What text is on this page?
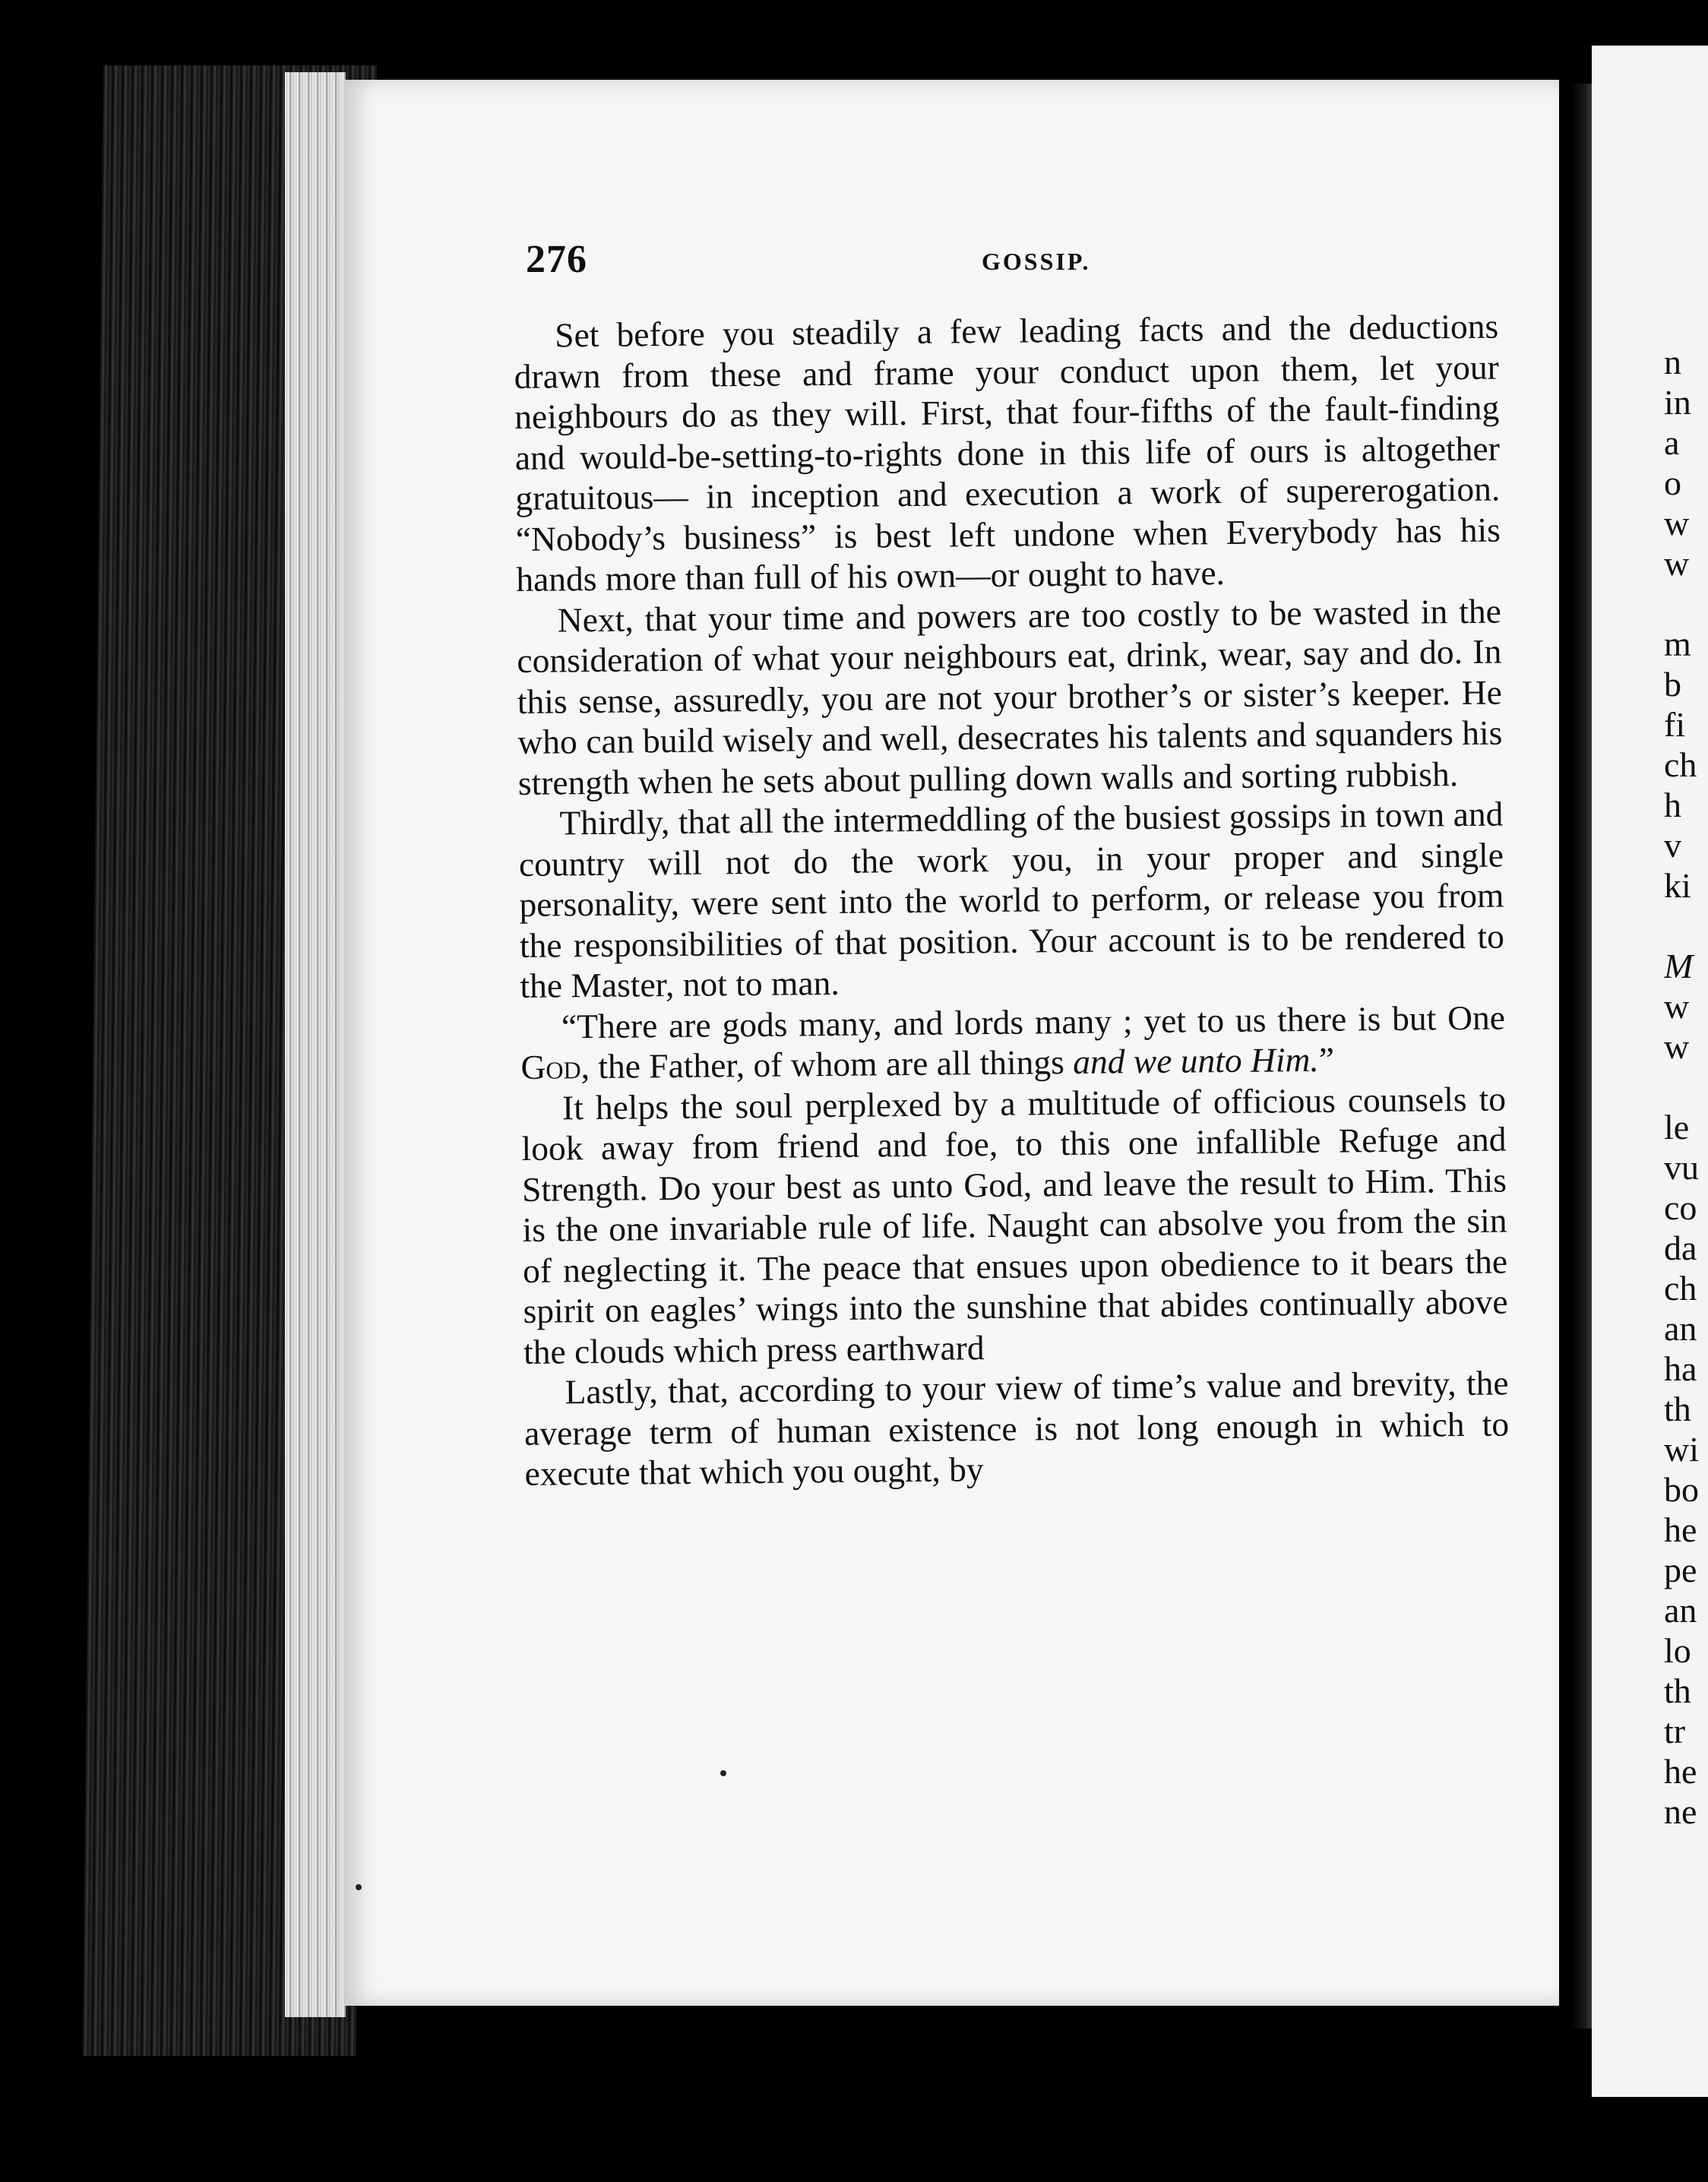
276	GOSSIP.

Set before you steadily a few leading facts and the deductions drawn from these and frame your conduct upon them, let your neighbours do as they will. First, that four-fifths of the fault-finding and would-be-setting-to-rights done in this life of ours is altogether gratuitous— in inception and execution a work of supererogation. “Nobody’s business” is best left undone when Everybody has his hands more than full of his own—or ought to have.

Next, that your time and powers are too costly to be wasted in the consideration of what your neighbours eat, drink, wear, say and do. In this sense, assuredly, you are not your brother’s or sister’s keeper. He who can build wisely and well, desecrates his talents and squanders his strength when he sets about pulling down walls and sorting rubbish.

Thirdly, that all the intermeddling of the busiest gossips in town and country will not do the work you, in your proper and single personality, were sent into the world to perform, or release you from the responsibilities of that position. Your account is to be rendered to the Master, not to man.

“There are gods many, and lords many ; yet to us there is but One God, the Father, of whom are all things and we unto Him.”

It helps the soul perplexed by a multitude of officious counsels to look away from friend and foe, to this one infallible Refuge and Strength. Do your best as unto God, and leave the result to Him. This is the one invariable rule of life. Naught can absolve you from the sin of neglecting it. The peace that ensues upon obedience to it bears the spirit on eagles’ wings into the sunshine that abides continually above the clouds which press earthward

Lastly, that, according to your view of time’s value and brevity, the average term of human existence is not long enough in which to execute that which you ought, by

n
in
a
o
w
w
m
b
fi
ch
h
v
ki
M
w
w
le
vu
co
da
ch
an
ha
th
wi
bo
he
pe
an
lo
th
tr
he
ne
